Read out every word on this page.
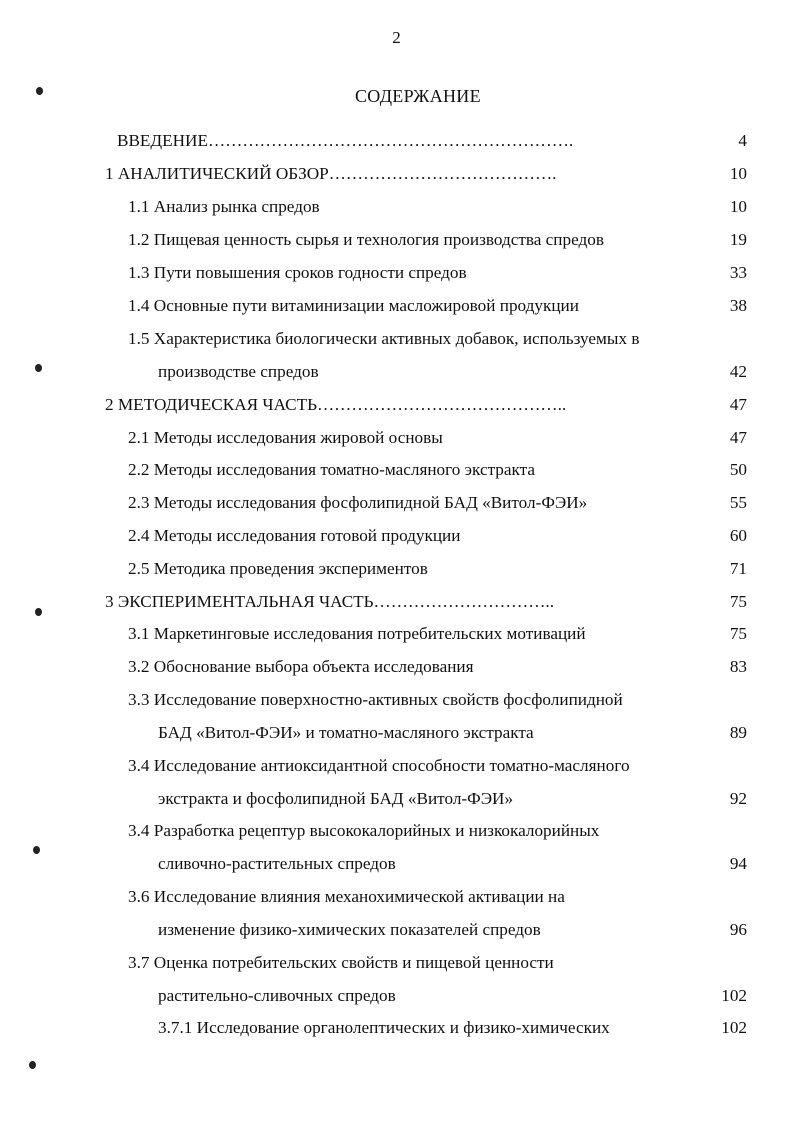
2
СОДЕРЖАНИЕ
ВВЕДЕНИЕ……………………………………………………….	4
1 АНАЛИТИЧЕСКИЙ ОБЗОР………………………………….	10
1.1 Анализ рынка спредов	10
1.2 Пищевая ценность сырья и технология производства спредов	19
1.3 Пути повышения сроков годности спредов	33
1.4 Основные пути витаминизации масложировой продукции	38
1.5 Характеристика биологически активных добавок, используемых в
производстве спредов	42
2 МЕТОДИЧЕСКАЯ ЧАСТЬ……………………………………..	47
2.1 Методы исследования жировой основы	47
2.2 Методы исследования томатно-масляного экстракта	50
2.3 Методы исследования фосфолипидной БАД «Витол-ФЭИ»	55
2.4 Методы исследования готовой продукции	60
2.5 Методика проведения экспериментов	71
3 ЭКСПЕРИМЕНТАЛЬНАЯ ЧАСТЬ…………………………..	75
3.1 Маркетинговые исследования потребительских мотиваций	75
3.2 Обоснование выбора объекта исследования	83
3.3 Исследование поверхностно-активных свойств фосфолипидной
БАД «Витол-ФЭИ» и томатно-масляного экстракта	89
3.4 Исследование антиоксидантной способности томатно-масляного
экстракта и фосфолипидной БАД «Витол-ФЭИ»	92
3.4 Разработка рецептур высококалорийных и низкокалорийных
сливочно-растительных спредов	94
3.6 Исследование влияния механохимической активации на
изменение физико-химических показателей спредов	96
3.7 Оценка потребительских свойств и пищевой ценности
растительно-сливочных спредов	102
3.7.1 Исследование органолептических и физико-химических	102
